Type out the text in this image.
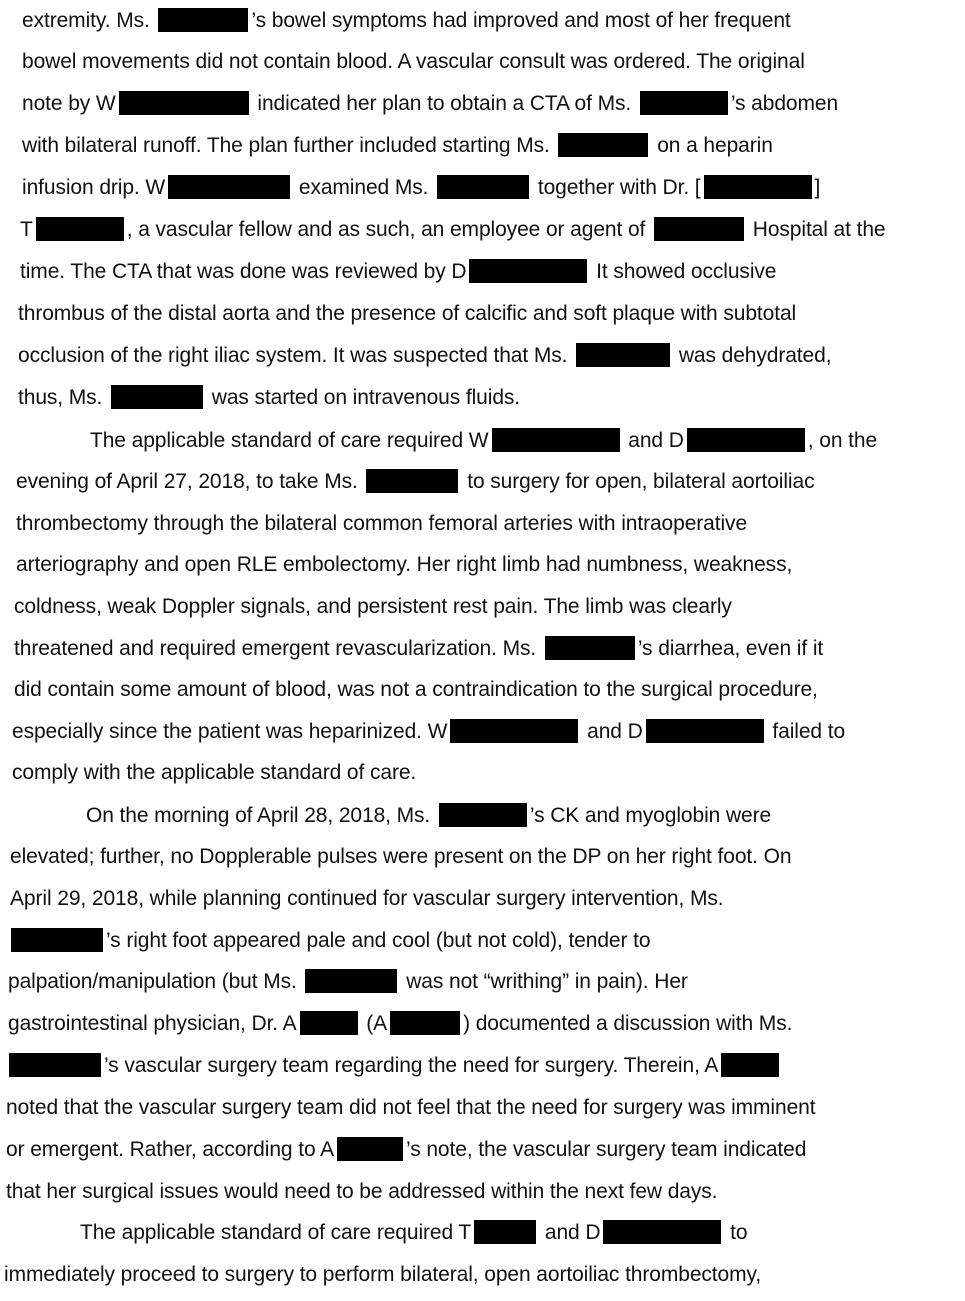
extremity. Ms.	’s bowel symptoms had improved and most of her frequent
bowel movements did not contain blood. A vascular consult was ordered. The original
note by W	indicated her plan to obtain a CTA of Ms.	’s abdomen
with bilateral runoff. The plan further included starting Ms.	on a heparin
infusion drip. W	examined Ms.	together with Dr. [	]
T	, a vascular fellow and as such, an employee or agent of	Hospital at the
time. The CTA that was done was reviewed by D	It showed occlusive
thrombus of the distal aorta and the presence of calcific and soft plaque with subtotal
occlusion of the right iliac system. It was suspected that Ms.	was dehydrated,
thus, Ms.	was started on intravenous fluids.
The applicable standard of care required W	and D	, on the
evening of April 27, 2018, to take Ms.	to surgery for open, bilateral aortoiliac
thrombectomy through the bilateral common femoral arteries with intraoperative
arteriography and open RLE embolectomy. Her right limb had numbness, weakness,
coldness, weak Doppler signals, and persistent rest pain. The limb was clearly
threatened and required emergent revascularization. Ms.	’s diarrhea, even if it
did contain some amount of blood, was not a contraindication to the surgical procedure,
especially since the patient was heparinized. W	and D	failed to
comply with the applicable standard of care.
On the morning of April 28, 2018, Ms.	’s CK and myoglobin were
elevated; further, no Dopplerable pulses were present on the DP on her right foot. On
April 29, 2018, while planning continued for vascular surgery intervention, Ms.
’s right foot appeared pale and cool (but not cold), tender to
palpation/manipulation (but Ms.	was not “writhing” in pain). Her
gastrointestinal physician, Dr. A	(A	) documented a discussion with Ms.
’s vascular surgery team regarding the need for surgery. Therein, A
noted that the vascular surgery team did not feel that the need for surgery was imminent
or emergent. Rather, according to A	’s note, the vascular surgery team indicated
that her surgical issues would need to be addressed within the next few days.
The applicable standard of care required T	and D	to
immediately proceed to surgery to perform bilateral, open aortoiliac thrombectomy,
